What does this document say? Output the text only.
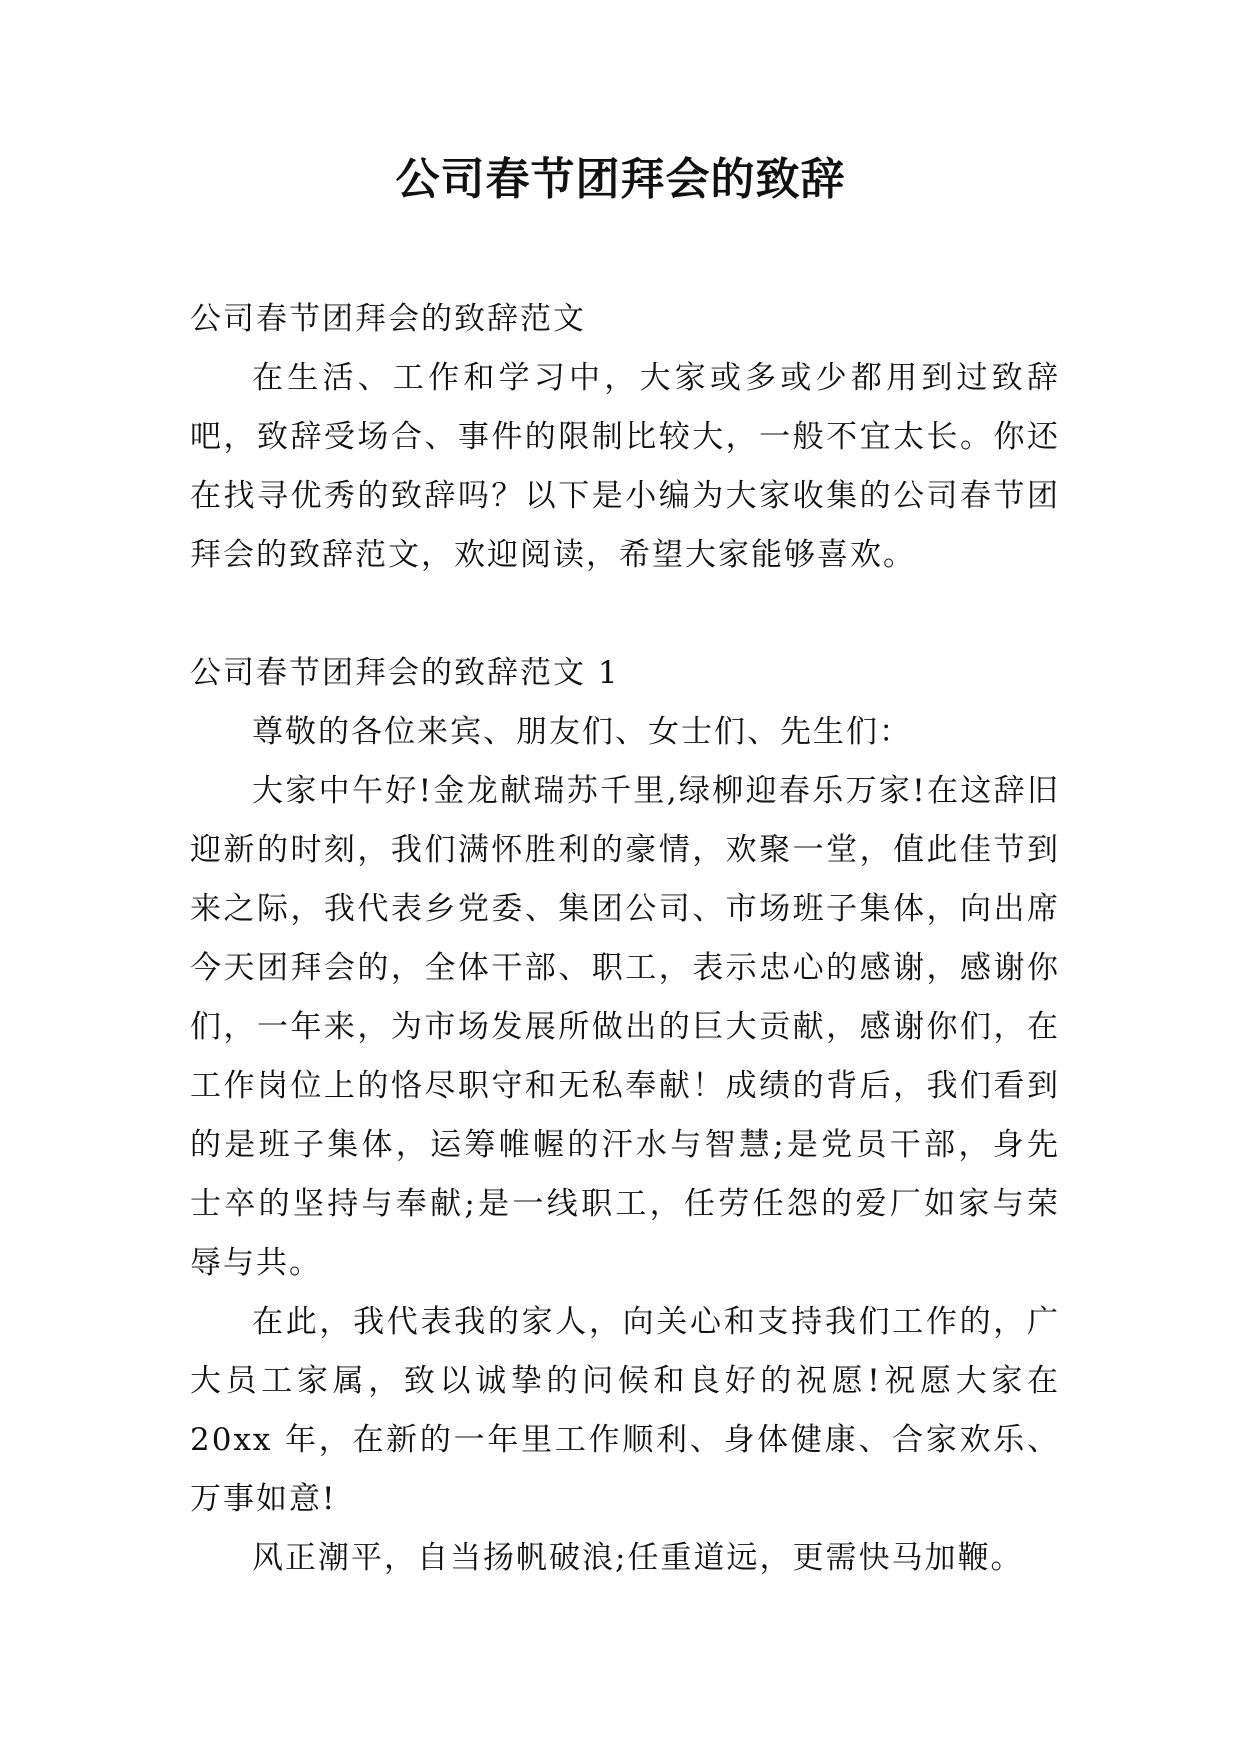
公司春节团拜会的致辞

公司春节团拜会的致辞范文

在生活、工作和学习中，大家或多或少都用到过致辞吧，致辞受场合、事件的限制比较大，一般不宜太长。你还在找寻优秀的致辞吗？以下是小编为大家收集的公司春节团拜会的致辞范文，欢迎阅读，希望大家能够喜欢。

公司春节团拜会的致辞范文 1

尊敬的各位来宾、朋友们、女士们、先生们：

大家中午好!金龙献瑞苏千里,绿柳迎春乐万家!在这辞旧迎新的时刻，我们满怀胜利的豪情，欢聚一堂，值此佳节到来之际，我代表乡党委、集团公司、市场班子集体，向出席今天团拜会的，全体干部、职工，表示忠心的感谢，感谢你们，一年来，为市场发展所做出的巨大贡献，感谢你们，在工作岗位上的恪尽职守和无私奉献！成绩的背后，我们看到的是班子集体，运筹帷幄的汗水与智慧;是党员干部，身先士卒的坚持与奉献;是一线职工，任劳任怨的爱厂如家与荣辱与共。

在此，我代表我的家人，向关心和支持我们工作的，广大员工家属，致以诚挚的问候和良好的祝愿!祝愿大家在 20xx 年，在新的一年里工作顺利、身体健康、合家欢乐、万事如意!

风正潮平，自当扬帆破浪;任重道远，更需快马加鞭。
